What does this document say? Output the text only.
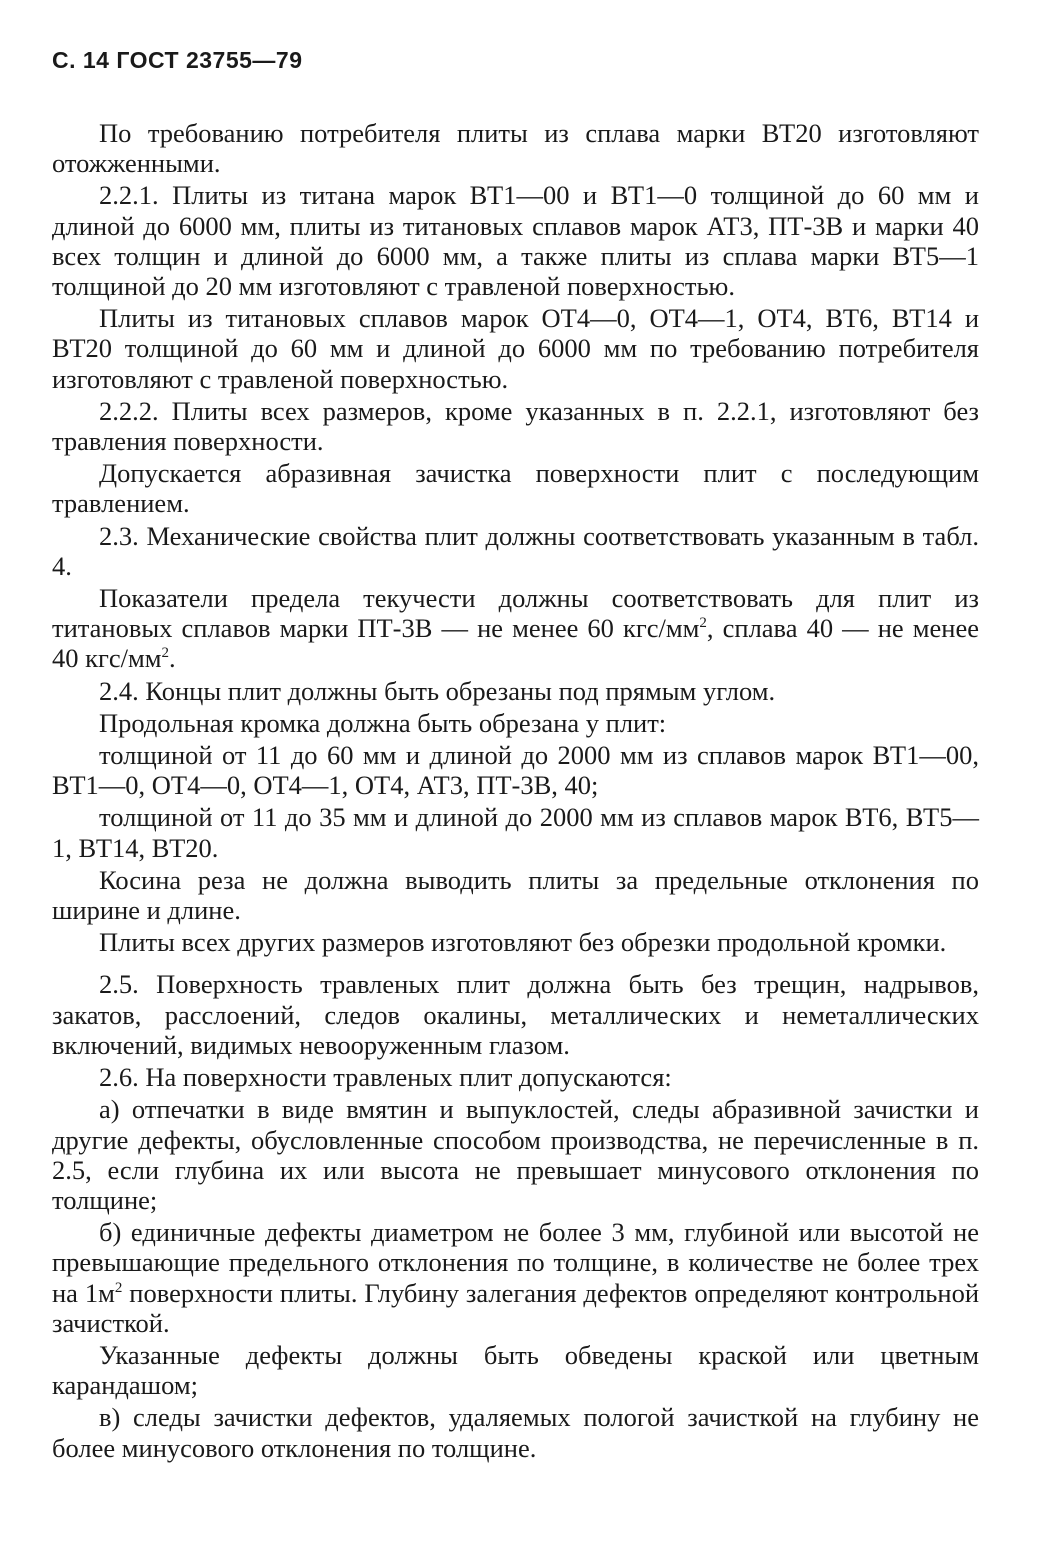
С. 14 ГОСТ 23755—79

По требованию потребителя плиты из сплава марки ВТ20 изготовляют отожженными.

2.2.1. Плиты из титана марок ВТ1—00 и ВТ1—0 толщиной до 60 мм и длиной до 6000 мм, плиты из титановых сплавов марок АТ3, ПТ-3В и марки 40 всех толщин и длиной до 6000 мм, а также плиты из сплава марки ВТ5—1 толщиной до 20 мм изготовляют с травленой поверхностью.

Плиты из титановых сплавов марок ОТ4—0, ОТ4—1, ОТ4, ВТ6, ВТ14 и ВТ20 толщиной до 60 мм и длиной до 6000 мм по требованию потребителя изготовляют с травленой поверхностью.

2.2.2. Плиты всех размеров, кроме указанных в п. 2.2.1, изготовляют без травления поверхности.

Допускается абразивная зачистка поверхности плит с последующим травлением.

2.3. Механические свойства плит должны соответствовать указанным в табл. 4.

Показатели предела текучести должны соответствовать для плит из титановых сплавов марки ПТ-3В — не менее 60 кгс/$мм^2$, сплава 40 — не менее 40 кгс/$мм^2$.

2.4. Концы плит должны быть обрезаны под прямым углом.

Продольная кромка должна быть обрезана у плит:

толщиной от 11 до 60 мм и длиной до 2000 мм из сплавов марок ВТ1—00, ВТ1—0, ОТ4—0, ОТ4—1, ОТ4, АТ3, ПТ-3В, 40;

толщиной от 11 до 35 мм и длиной до 2000 мм из сплавов марок ВТ6, ВТ5—1, ВТ14, ВТ20.

Косина реза не должна выводить плиты за предельные отклонения по ширине и длине.

Плиты всех других размеров изготовляют без обрезки продольной кромки.

2.5. Поверхность травленых плит должна быть без трещин, надрывов, закатов, расслоений, следов окалины, металлических и неметаллических включений, видимых невооруженным глазом.

2.6. На поверхности травленых плит допускаются:

а) отпечатки в виде вмятин и выпуклостей, следы абразивной зачистки и другие дефекты, обусловленные способом производства, не перечисленные в п. 2.5, если глубина их или высота не превышает минусового отклонения по толщине;

б) единичные дефекты диаметром не более 3 мм, глубиной или высотой не превышающие предельного отклонения по толщине, в количестве не более трех на $1м^2$ поверхности плиты. Глубину залегания дефектов определяют контрольной зачисткой.

Указанные дефекты должны быть обведены краской или цветным карандашом;

в) следы зачистки дефектов, удаляемых пологой зачисткой на глубину не более минусового отклонения по толщине.
